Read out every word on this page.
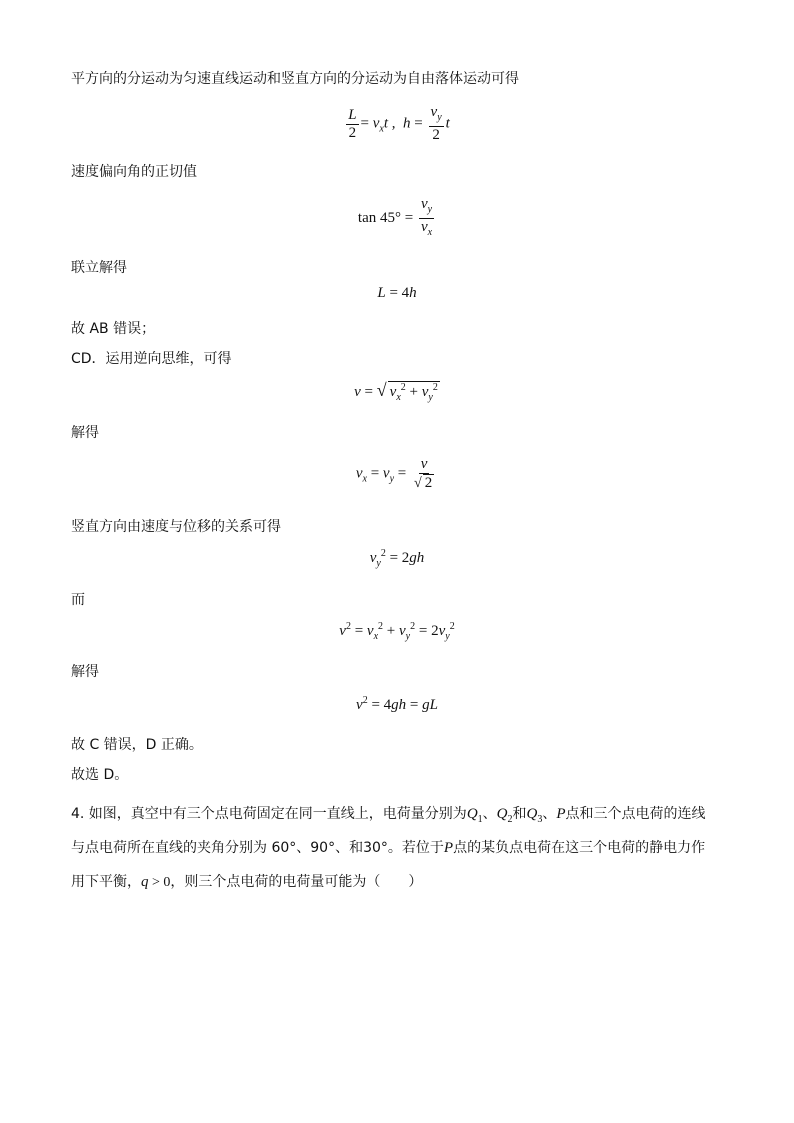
平方向的分运动为匀速直线运动和竖直方向的分运动为自由落体运动可得
$\frac{L}{2} = v_xt$ ,  $h = \frac{v_y}{2}$ t
速度偏向角的正切值
$\tan 45^\circ = \frac{v_y}{v_x}$
联立解得
L = 4h
故 AB 错误；
CD．运用逆向思维，可得
v = √ $v_x^2 + v_y^2$
解得
$v_x = v_y = \frac{v}{√ 2}$
竖直方向由速度与位移的关系可得
$v_y^2 = 2gh$
而
$v^2 = v_x^2 + v_y^2 = 2v_y^2$
解得
$v^2 = 4gh$ = gL
故 C 错误，D 正确。
故选 D。
4. 如图，真空中有三个点电荷固定在同一直线上，电荷量分别为$Q_1$、$Q_2$和$Q_3$、P点和三个点电荷的连线
与点电荷所在直线的夹角分别为 60°、90°、和30°。若位于P点的某负点电荷在这三个电荷的静电力作
用下平衡，q > 0，则三个点电荷的电荷量可能为（　　）
